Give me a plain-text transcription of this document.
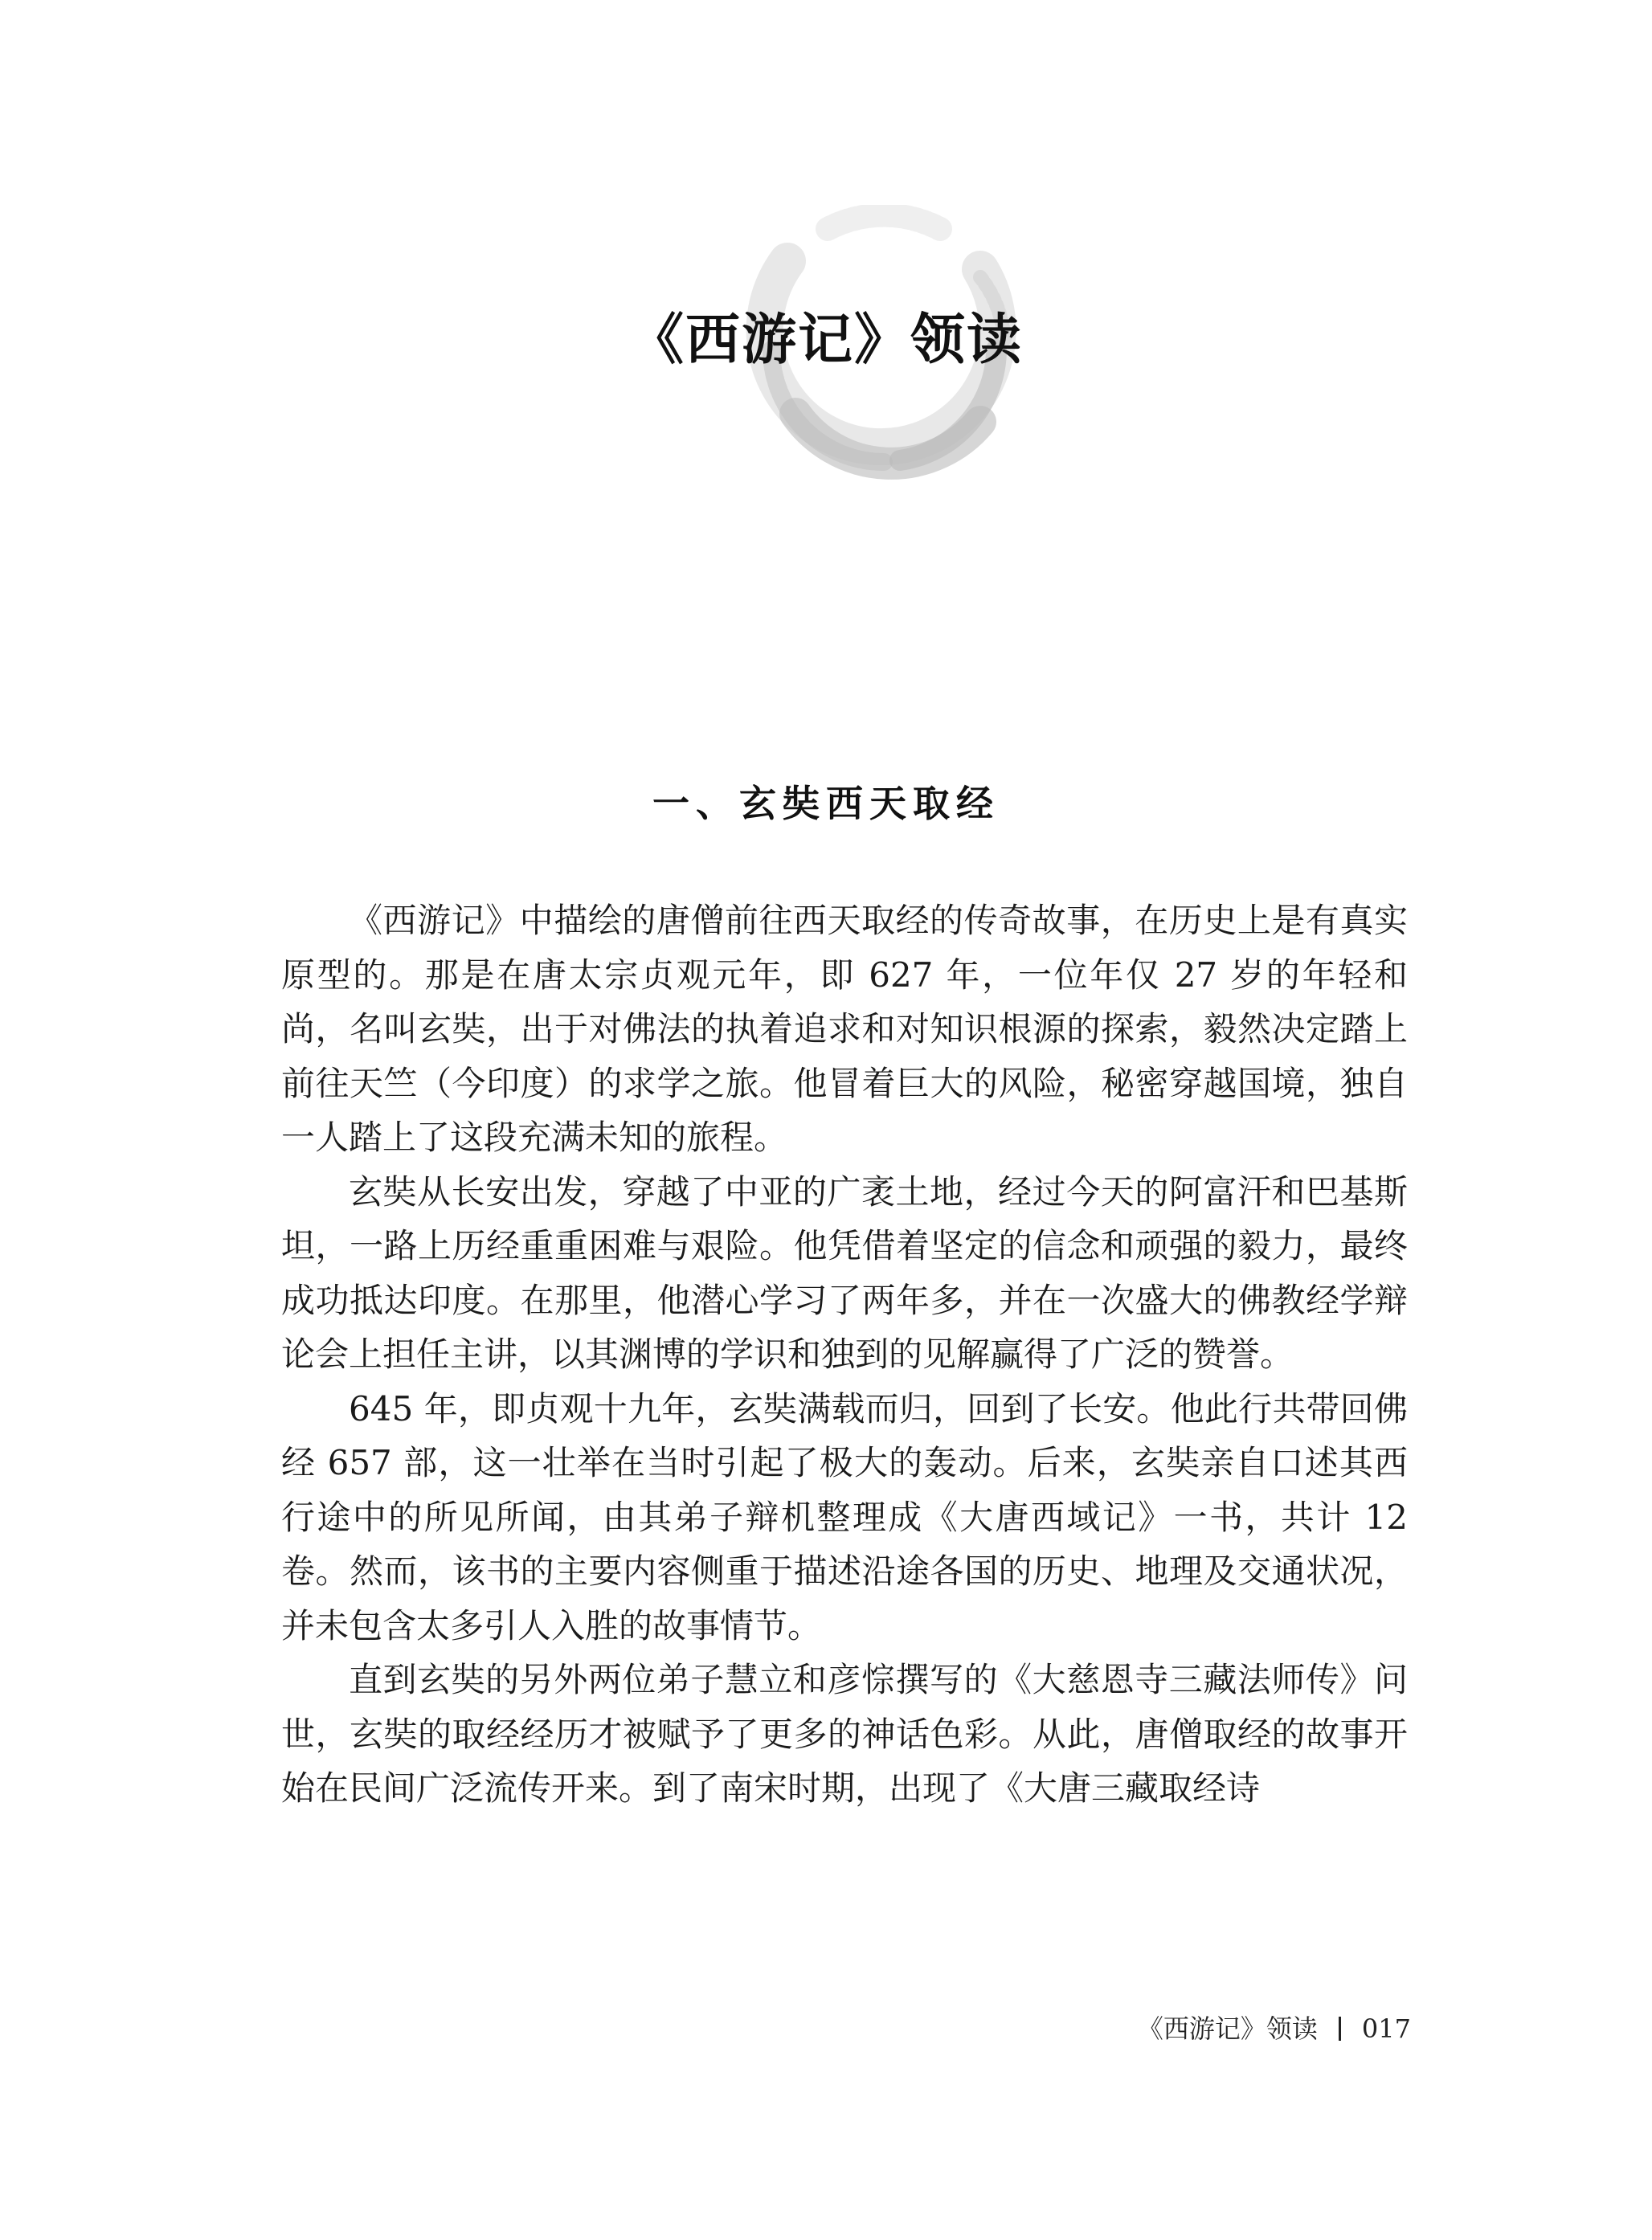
《西游记》领读
一、玄奘西天取经

《西游记》中描绘的唐僧前往西天取经的传奇故事，在历史上是有真实原型的。那是在唐太宗贞观元年，即 627 年，一位年仅 27 岁的年轻和尚，名叫玄奘，出于对佛法的执着追求和对知识根源的探索，毅然决定踏上前往天竺（今印度）的求学之旅。他冒着巨大的风险，秘密穿越国境，独自一人踏上了这段充满未知的旅程。

玄奘从长安出发，穿越了中亚的广袤土地，经过今天的阿富汗和巴基斯坦，一路上历经重重困难与艰险。他凭借着坚定的信念和顽强的毅力，最终成功抵达印度。在那里，他潜心学习了两年多，并在一次盛大的佛教经学辩论会上担任主讲，以其渊博的学识和独到的见解赢得了广泛的赞誉。

645 年，即贞观十九年，玄奘满载而归，回到了长安。他此行共带回佛经 657 部，这一壮举在当时引起了极大的轰动。后来，玄奘亲自口述其西行途中的所见所闻，由其弟子辩机整理成《大唐西域记》一书，共计 12 卷。然而，该书的主要内容侧重于描述沿途各国的历史、地理及交通状况，并未包含太多引人入胜的故事情节。

直到玄奘的另外两位弟子慧立和彦悰撰写的《大慈恩寺三藏法师传》问世，玄奘的取经经历才被赋予了更多的神话色彩。从此，唐僧取经的故事开始在民间广泛流传开来。到了南宋时期，出现了《大唐三藏取经诗

《西游记》领读 017
